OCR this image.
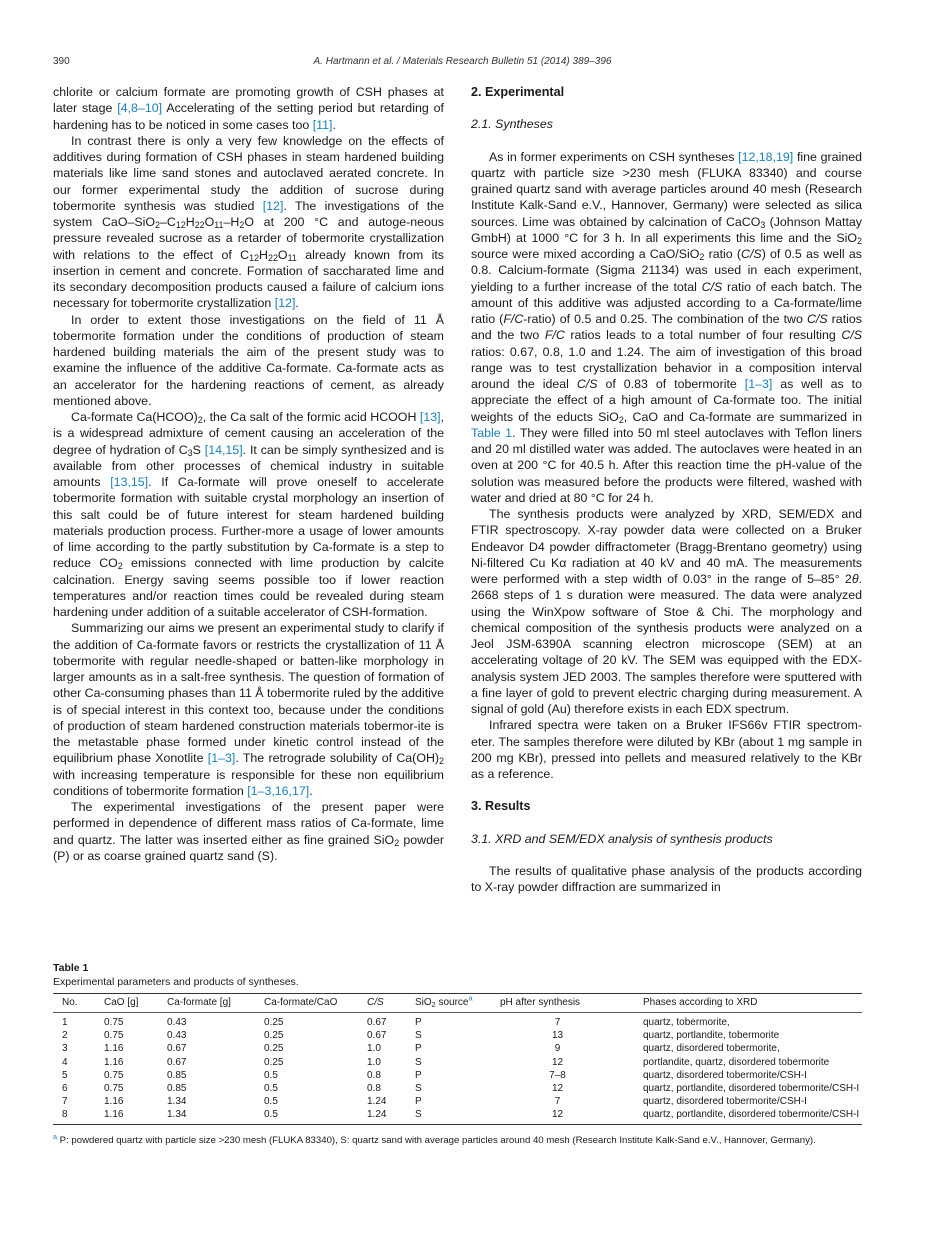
390	A. Hartmann et al. / Materials Research Bulletin 51 (2014) 389–396

chlorite or calcium formate are promoting growth of CSH phases at later stage [4,8–10] Accelerating of the setting period but retarding of hardening has to be noticed in some cases too [11].

In contrast there is only a very few knowledge on the effects of additives during formation of CSH phases in steam hardened building materials like lime sand stones and autoclaved aerated concrete. In our former experimental study the addition of sucrose during tobermorite synthesis was studied [12]. The investigations of the system CaO–$SiO_2-C_{12}H_{22}O_{11}-H_2O$ at 200 °C and autoge-neous pressure revealed sucrose as a retarder of tobermorite crystallization with relations to the effect of $C_{12}H_{22}O_{11}$ already known from its insertion in cement and concrete. Formation of saccharated lime and its secondary decomposition products caused a failure of calcium ions necessary for tobermorite crystallization [12].

In order to extent those investigations on the field of 11 Å tobermorite formation under the conditions of production of steam hardened building materials the aim of the present study was to examine the influence of the additive Ca-formate. Ca-formate acts as an accelerator for the hardening reactions of cement, as already mentioned above.

Ca-formate $Ca(HCOO)_2$, the Ca salt of the formic acid HCOOH [13], is a widespread admixture of cement causing an acceleration of the degree of hydration of $C_3S$ [14,15]. It can be simply synthesized and is available from other processes of chemical industry in suitable amounts [13,15]. If Ca-formate will prove oneself to accelerate tobermorite formation with suitable crystal morphology an insertion of this salt could be of future interest for steam hardened building materials production process. Further-more a usage of lower amounts of lime according to the partly substitution by Ca-formate is a step to reduce $CO_2$ emissions connected with lime production by calcite calcination. Energy saving seems possible too if lower reaction temperatures and/or reaction times could be revealed during steam hardening under addition of a suitable accelerator of CSH-formation.

Summarizing our aims we present an experimental study to clarify if the addition of Ca-formate favors or restricts the crystallization of 11 Å tobermorite with regular needle-shaped or batten-like morphology in larger amounts as in a salt-free synthesis. The question of formation of other Ca-consuming phases than 11 Å tobermorite ruled by the additive is of special interest in this context too, because under the conditions of production of steam hardened construction materials tobermor-ite is the metastable phase formed under kinetic control instead of the equilibrium phase Xonotlite [1–3]. The retrograde solubility of $Ca(OH)_2$ with increasing temperature is responsible for these non equilibrium conditions of tobermorite formation [1–3,16,17].

The experimental investigations of the present paper were performed in dependence of different mass ratios of Ca-formate, lime and quartz. The latter was inserted either as fine grained SiO$_2$ powder (P) or as coarse grained quartz sand (S).

2. Experimental
2.1. Syntheses

As in former experiments on CSH syntheses [12,18,19] fine grained quartz with particle size >230 mesh (FLUKA 83340) and course grained quartz sand with average particles around 40 mesh (Research Institute Kalk-Sand e.V., Hannover, Germany) were selected as silica sources. Lime was obtained by calcination of CaCO$_3$ (Johnson Mattay GmbH) at 1000 °C for 3 h. In all experiments this lime and the SiO$_2$ source were mixed according a CaO/SiO$_2$ ratio (C/S) of 0.5 as well as 0.8. Calcium-formate (Sigma 21134) was used in each experiment, yielding to a further increase of the total C/S ratio of each batch. The amount of this additive was adjusted according to a Ca-formate/lime ratio (F/C-ratio) of 0.5 and 0.25. The combination of the two C/S ratios and the two F/C ratios leads to a total number of four resulting C/S ratios: 0.67, 0.8, 1.0 and 1.24. The aim of investigation of this broad range was to test crystallization behavior in a composition interval around the ideal C/S of 0.83 of tobermorite [1–3] as well as to appreciate the effect of a high amount of Ca-formate too. The initial weights of the educts SiO$_2$, CaO and Ca-formate are summarized in Table 1. They were filled into 50 ml steel autoclaves with Teflon liners and 20 ml distilled water was added. The autoclaves were heated in an oven at 200 °C for 40.5 h. After this reaction time the pH-value of the solution was measured before the products were filtered, washed with water and dried at 80 °C for 24 h.

The synthesis products were analyzed by XRD, SEM/EDX and FTIR spectroscopy. X-ray powder data were collected on a Bruker Endeavor D4 powder diffractometer (Bragg-Brentano geometry) using Ni-filtered Cu Kα radiation at 40 kV and 40 mA. The measurements were performed with a step width of 0.03° in the range of 5–85° 2θ. 2668 steps of 1 s duration were measured. The data were analyzed using the WinXpow software of Stoe & Chi. The morphology and chemical composition of the synthesis products were analyzed on a Jeol JSM-6390A scanning electron microscope (SEM) at an accelerating voltage of 20 kV. The SEM was equipped with the EDX-analysis system JED 2003. The samples therefore were sputtered with a fine layer of gold to prevent electric charging during measurement. A signal of gold (Au) therefore exists in each EDX spectrum.

Infrared spectra were taken on a Bruker IFS66v FTIR spectrom-eter. The samples therefore were diluted by KBr (about 1 mg sample in 200 mg KBr), pressed into pellets and measured relatively to the KBr as a reference.

3. Results
3.1. XRD and SEM/EDX analysis of synthesis products

The results of qualitative phase analysis of the products according to X-ray powder diffraction are summarized in

Table 1
Experimental parameters and products of syntheses.
No.	CaO [g]	Ca-formate [g]	Ca-formate/CaO	C/S	SiO$_2$ source$^a$	pH after synthesis	Phases according to XRD
1	0.75	0.43	0.25	0.67	P	7	quartz, tobermorite,
2	0.75	0.43	0.25	0.67	S	13	quartz, portlandite, tobermorite
3	1.16	0.67	0.25	1.0	P	9	quartz, disordered tobermorite,
4	1.16	0.67	0.25	1.0	S	12	portlandite, quartz, disordered tobermorite
5	0.75	0.85	0.5	0.8	P	7–8	quartz, disordered tobermorite/CSH-I
6	0.75	0.85	0.5	0.8	S	12	quartz, portlandite, disordered tobermorite/CSH-I
7	1.16	1.34	0.5	1.24	P	7	quartz, disordered tobermorite/CSH-I
8	1.16	1.34	0.5	1.24	S	12	quartz, portlandite, disordered tobermorite/CSH-I
$^a$ P: powdered quartz with particle size >230 mesh (FLUKA 83340), S: quartz sand with average particles around 40 mesh (Research Institute Kalk-Sand e.V., Hannover, Germany).
